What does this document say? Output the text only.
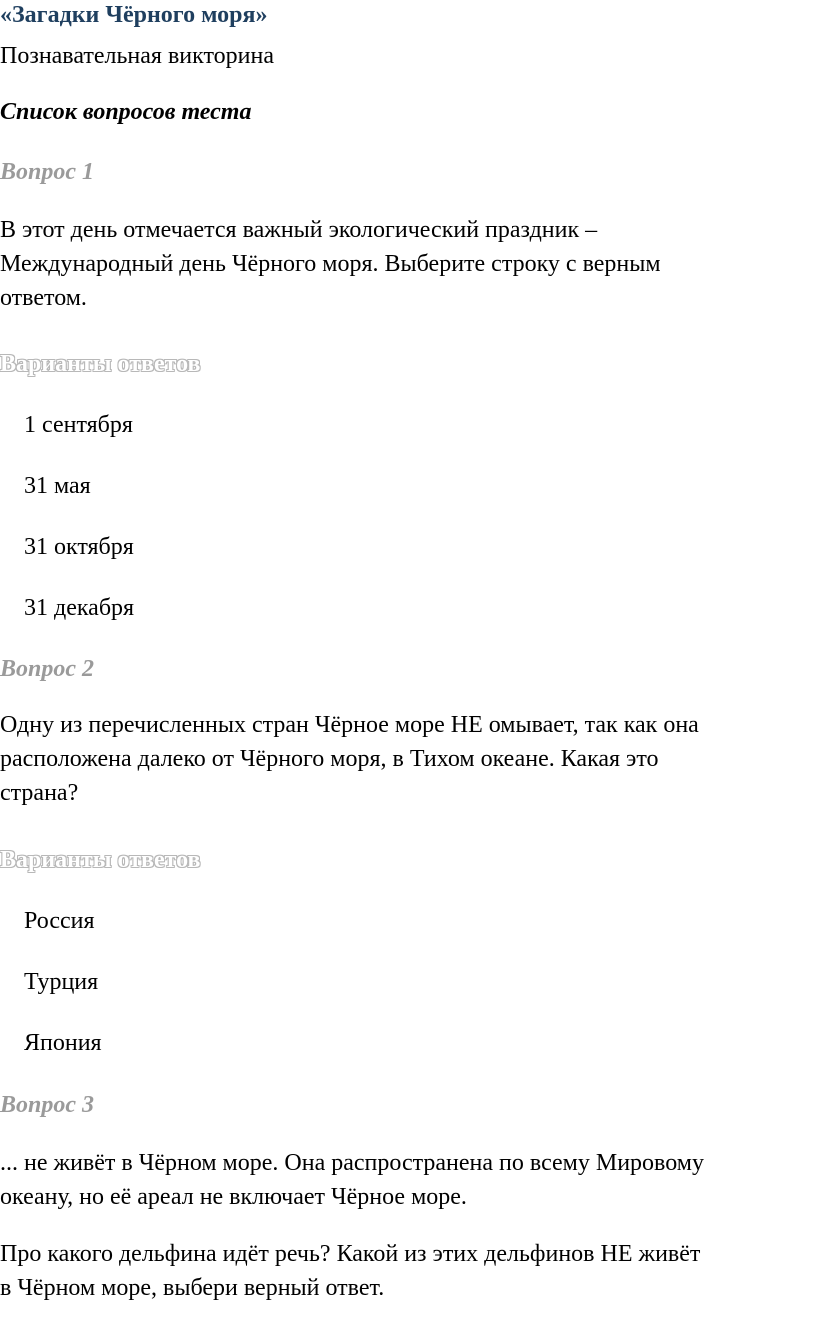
«Загадки Чёрного моря»
Познавательная викторина
Список вопросов теста
Вопрос 1
В этот день отмечается важный экологический праздник –
Международный день Чёрного моря. Выберите строку с верным
ответом.
Варианты ответов
1 сентября
31 мая
31 октября
31 декабря
Вопрос 2
Одну из перечисленных стран Чёрное море НЕ омывает, так как она
расположена далеко от Чёрного моря, в Тихом океане. Какая это
страна?
Варианты ответов
Россия
Турция
Япония
Вопрос 3
... не живёт в Чёрном море. Она распространена по всему Мировому
океану, но её ареал не включает Чёрное море.
Про какого дельфина идёт речь? Какой из этих дельфинов НЕ живёт
в Чёрном море, выбери верный ответ.
